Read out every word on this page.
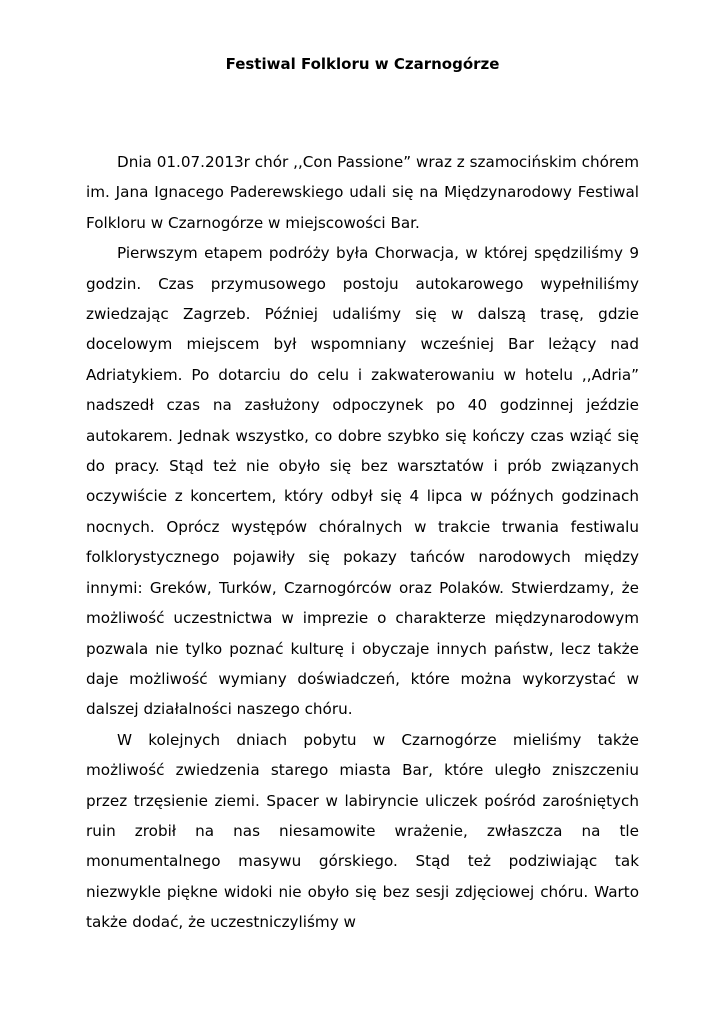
Festiwal Folkloru w Czarnogórze

Dnia 01.07.2013r chór ,,Con Passione” wraz z szamocińskim chórem im. Jana Ignacego Paderewskiego udali się na Międzynarodowy Festiwal Folkloru w Czarnogórze w miejscowości Bar.

Pierwszym etapem podróży była Chorwacja, w której spędziliśmy 9 godzin. Czas przymusowego postoju autokarowego wypełniliśmy zwiedzając Zagrzeb. Później udaliśmy się w dalszą trasę, gdzie docelowym miejscem był wspomniany wcześniej Bar leżący nad Adriatykiem. Po dotarciu do celu i zakwaterowaniu w hotelu ,,Adria” nadszedł czas na zasłużony odpoczynek po 40 godzinnej jeździe autokarem. Jednak wszystko, co dobre szybko się kończy czas wziąć się do pracy. Stąd też nie obyło się bez warsztatów i prób związanych oczywiście z koncertem, który odbył się 4 lipca w późnych godzinach nocnych. Oprócz występów chóralnych w trakcie trwania festiwalu folklorystycznego pojawiły się pokazy tańców narodowych między innymi: Greków, Turków, Czarnogórców oraz Polaków. Stwierdzamy, że możliwość uczestnictwa w imprezie o charakterze międzynarodowym pozwala nie tylko poznać kulturę i obyczaje innych państw, lecz także daje możliwość wymiany doświadczeń, które można wykorzystać w dalszej działalności naszego chóru.

W kolejnych dniach pobytu w Czarnogórze mieliśmy także możliwość zwiedzenia starego miasta Bar, które uległo zniszczeniu przez trzęsienie ziemi. Spacer w labiryncie uliczek pośród zarośniętych ruin zrobił na nas niesamowite wrażenie, zwłaszcza na tle monumentalnego masywu górskiego. Stąd też podziwiając tak niezwykle piękne widoki nie obyło się bez sesji zdjęciowej chóru. Warto także dodać, że uczestniczyliśmy w
